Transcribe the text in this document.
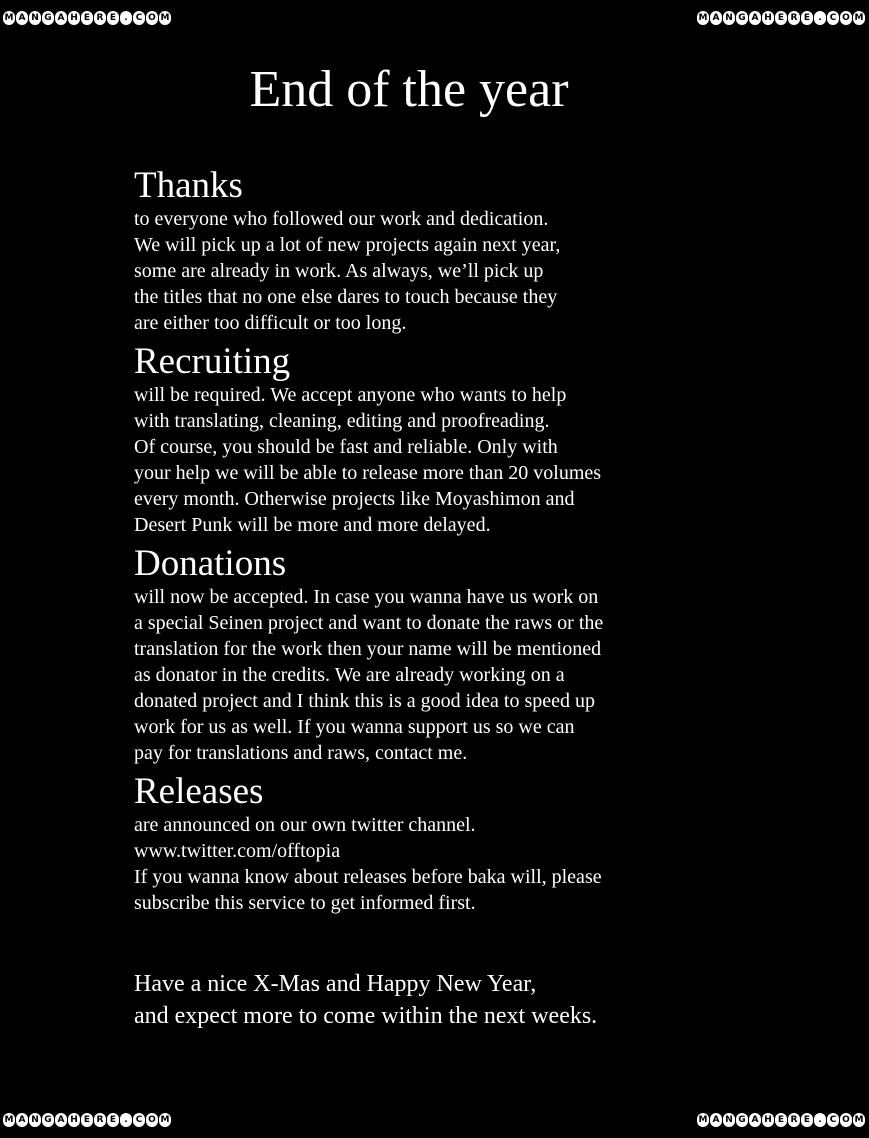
M A N G A H E R E . C O M	M A N G A H E R E . C O M
M A N G A H E R E . C O M	M A N G A H E R E . C O M
End of the year
Thanks

to everyone who followed our work and dedication.
We will pick up a lot of new projects again next year,
some are already in work. As always, we’ll pick up
the titles that no one else dares to touch because they
are either too difficult or too long.

Recruiting

will be required. We accept anyone who wants to help
with translating, cleaning, editing and proofreading.
Of course, you should be fast and reliable. Only with
your help we will be able to release more than 20 volumes
every month. Otherwise projects like Moyashimon and
Desert Punk will be more and more delayed.

Donations

will now be accepted. In case you wanna have us work on
a special Seinen project and want to donate the raws or the
translation for the work then your name will be mentioned
as donator in the credits. We are already working on a
donated project and I think this is a good idea to speed up
work for us as well. If you wanna support us so we can
pay for translations and raws, contact me.

Releases

are announced on our own twitter channel.
www.twitter.com/offtopia
If you wanna know about releases before baka will, please
subscribe this service to get informed first.

Have a nice X-Mas and Happy New Year,
and expect more to come within the next weeks.
